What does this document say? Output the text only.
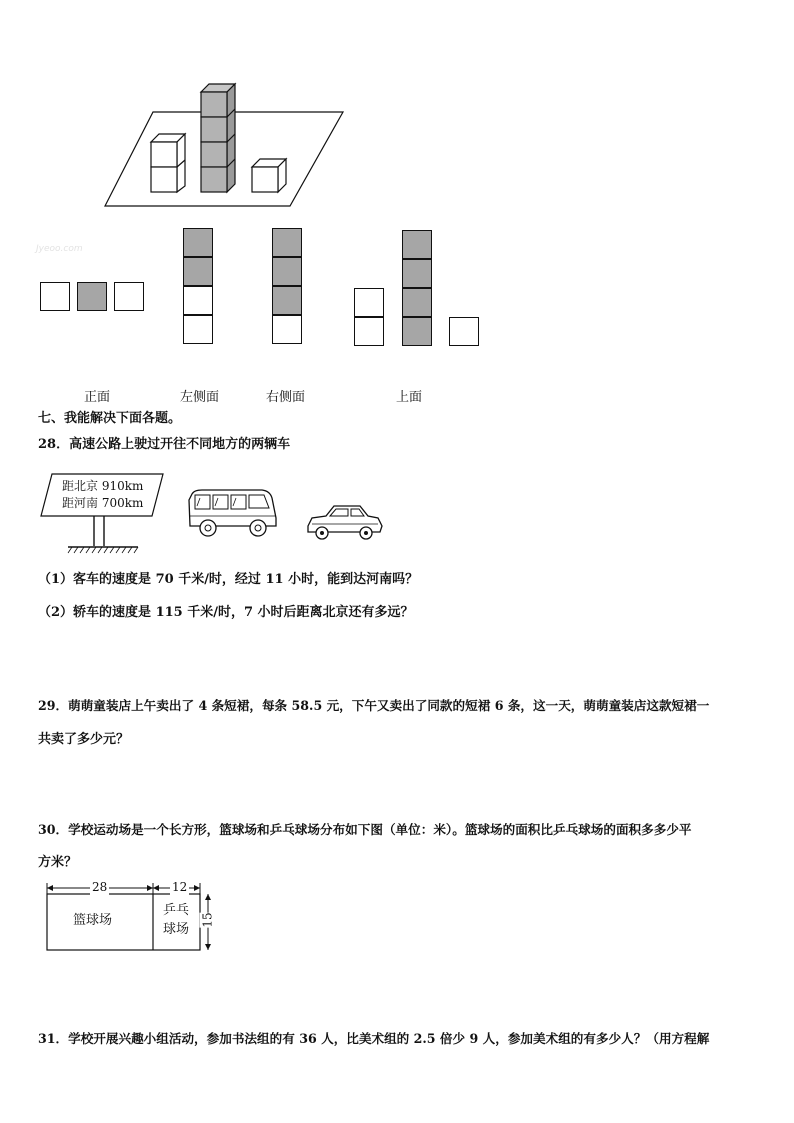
Jyeoo.com
正面	左侧面	右侧面	上面
七、我能解决下面各题。
28．高速公路上驶过开往不同地方的两辆车
距北京 910km
距河南 700km
（1）客车的速度是 70 千米/时，经过 11 小时，能到达河南吗？
（2）轿车的速度是 115 千米/时，7 小时后距离北京还有多远？
29．萌萌童装店上午卖出了 4 条短裙，每条 58.5 元，下午又卖出了同款的短裙 6 条，这一天，萌萌童装店这款短裙一
共卖了多少元？
30．学校运动场是一个长方形，篮球场和乒乓球场分布如下图（单位：米）。篮球场的面积比乒乓球场的面积多多少平
方米？
28	12
15
篮球场
乒乓
球场
31．学校开展兴趣小组活动，参加书法组的有 36 人，比美术组的 2.5 倍少 9 人，参加美术组的有多少人？（用方程解
